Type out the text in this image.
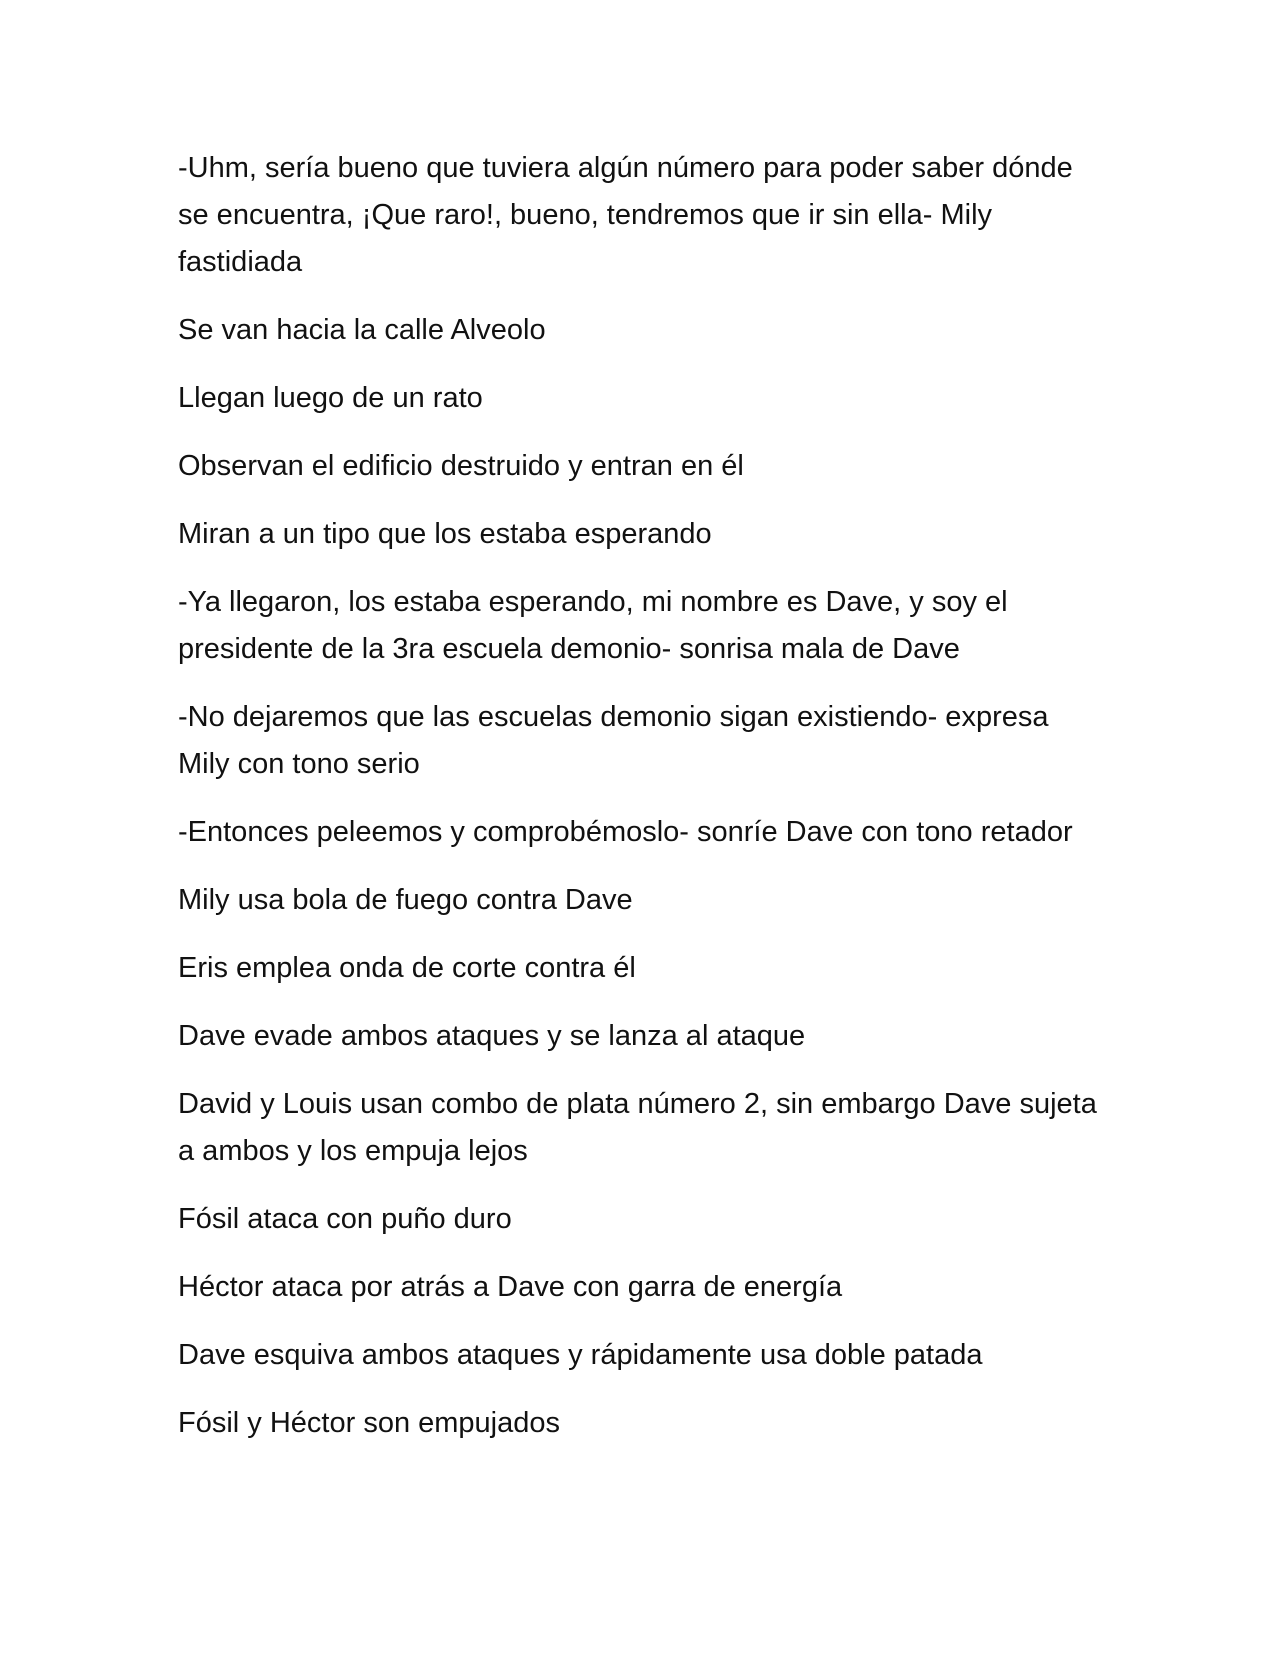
-Uhm, sería bueno que tuviera algún número para poder saber dónde se encuentra, ¡Que raro!, bueno, tendremos que ir sin ella- Mily fastidiada

Se van hacia la calle Alveolo

Llegan luego de un rato

Observan el edificio destruido y entran en él

Miran a un tipo que los estaba esperando

-Ya llegaron, los estaba esperando, mi nombre es Dave, y soy el presidente de la 3ra escuela demonio- sonrisa mala de Dave

-No dejaremos que las escuelas demonio sigan existiendo- expresa Mily con tono serio

-Entonces peleemos y comprobémoslo- sonríe Dave con tono retador

Mily usa bola de fuego contra Dave

Eris emplea onda de corte contra él

Dave evade ambos ataques y se lanza al ataque

David y Louis usan combo de plata número 2, sin embargo Dave sujeta a ambos y los empuja lejos

Fósil ataca con puño duro

Héctor ataca por atrás a Dave con garra de energía

Dave esquiva ambos ataques y rápidamente usa doble patada

Fósil y Héctor son empujados
